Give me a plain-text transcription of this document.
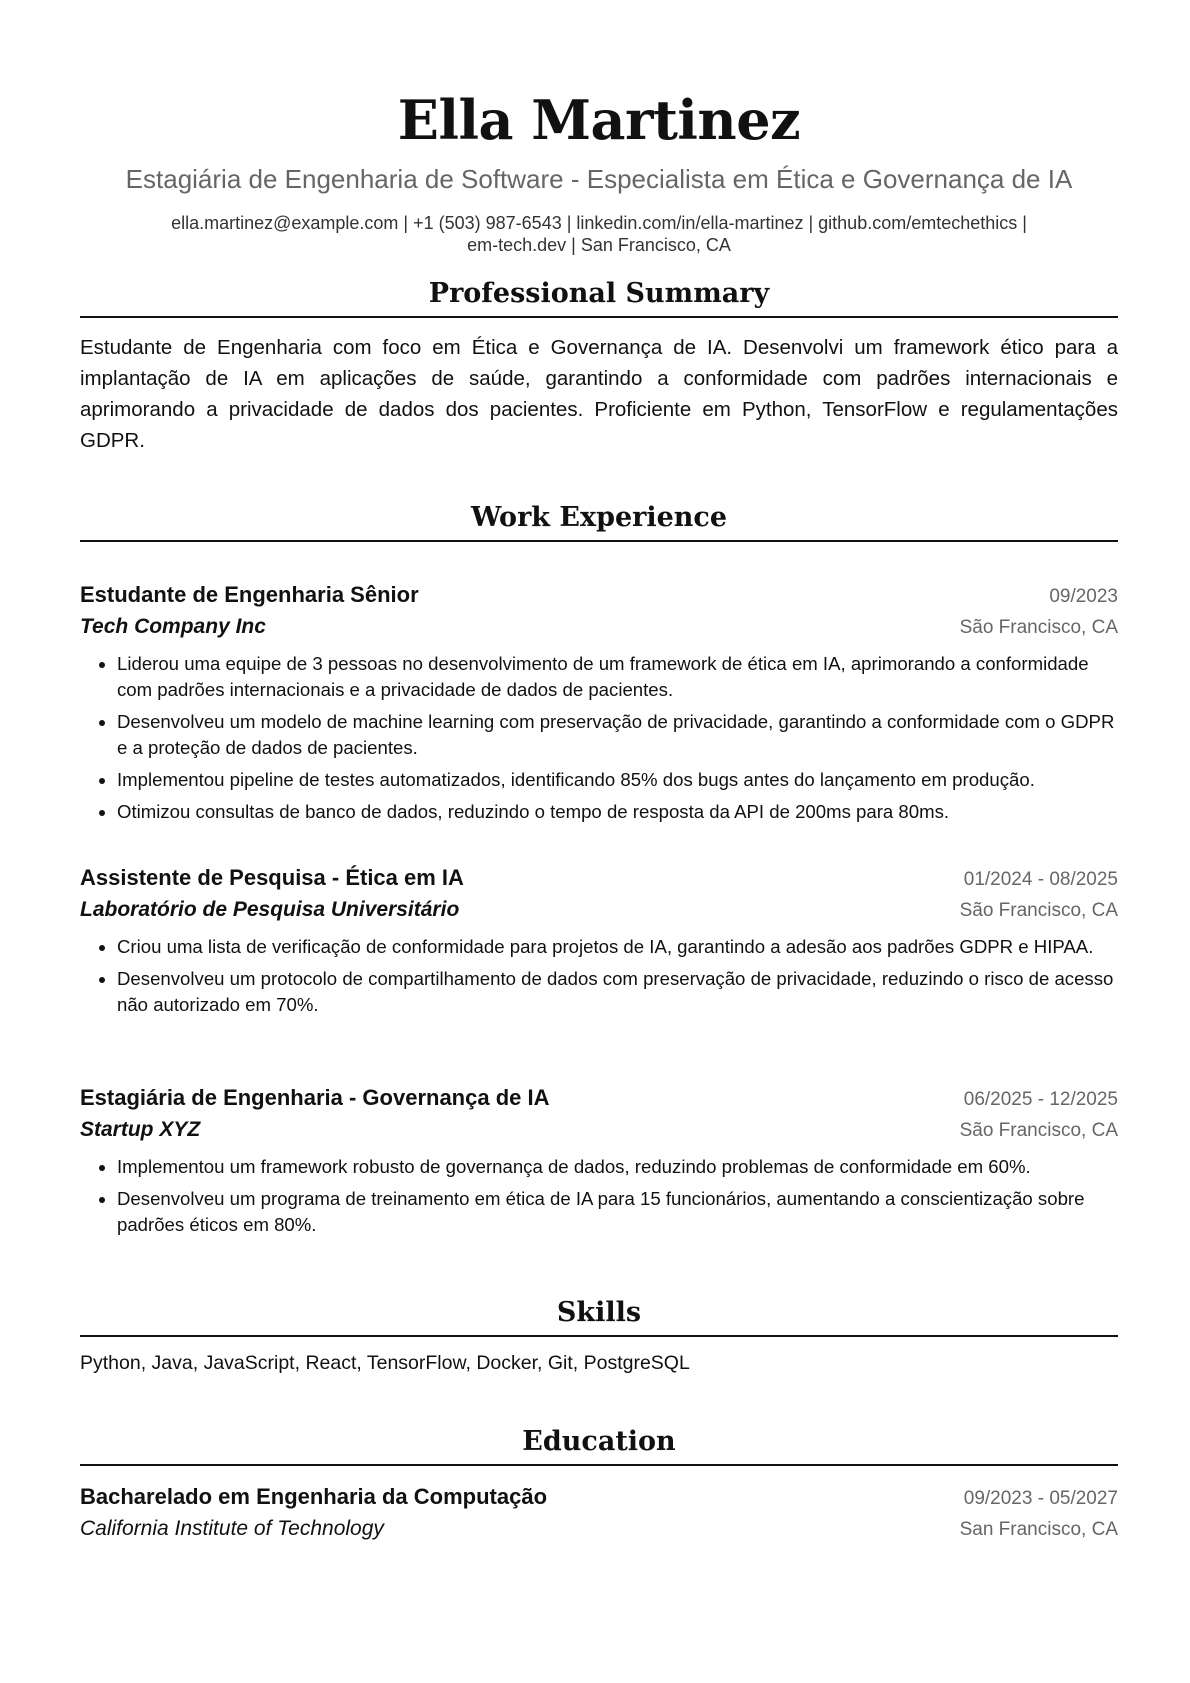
Ella Martinez
Estagiária de Engenharia de Software - Especialista em Ética e Governança de IA
ella.martinez@example.com | +1 (503) 987-6543 | linkedin.com/in/ella-martinez | github.com/emtechethics |
em-tech.dev | San Francisco, CA
Professional Summary
Estudante de Engenharia com foco em Ética e Governança de IA. Desenvolvi um framework ético para a implantação de IA em aplicações de saúde, garantindo a conformidade com padrões internacionais e aprimorando a privacidade de dados dos pacientes. Proficiente em Python, TensorFlow e regulamentações GDPR.
Work Experience
Estudante de Engenharia Sênior	09/2023
Tech Company Inc	São Francisco, CA
• Liderou uma equipe de 3 pessoas no desenvolvimento de um framework de ética em IA, aprimorando a conformidade com padrões internacionais e a privacidade de dados de pacientes.
• Desenvolveu um modelo de machine learning com preservação de privacidade, garantindo a conformidade com o GDPR e a proteção de dados de pacientes.
• Implementou pipeline de testes automatizados, identificando 85% dos bugs antes do lançamento em produção.
• Otimizou consultas de banco de dados, reduzindo o tempo de resposta da API de 200ms para 80ms.
Assistente de Pesquisa - Ética em IA	01/2024 - 08/2025
Laboratório de Pesquisa Universitário	São Francisco, CA
• Criou uma lista de verificação de conformidade para projetos de IA, garantindo a adesão aos padrões GDPR e HIPAA.
• Desenvolveu um protocolo de compartilhamento de dados com preservação de privacidade, reduzindo o risco de acesso não autorizado em 70%.
Estagiária de Engenharia - Governança de IA	06/2025 - 12/2025
Startup XYZ	São Francisco, CA
• Implementou um framework robusto de governança de dados, reduzindo problemas de conformidade em 60%.
• Desenvolveu um programa de treinamento em ética de IA para 15 funcionários, aumentando a conscientização sobre padrões éticos em 80%.
Skills
Python, Java, JavaScript, React, TensorFlow, Docker, Git, PostgreSQL
Education
Bacharelado em Engenharia da Computação	09/2023 - 05/2027
California Institute of Technology	San Francisco, CA
